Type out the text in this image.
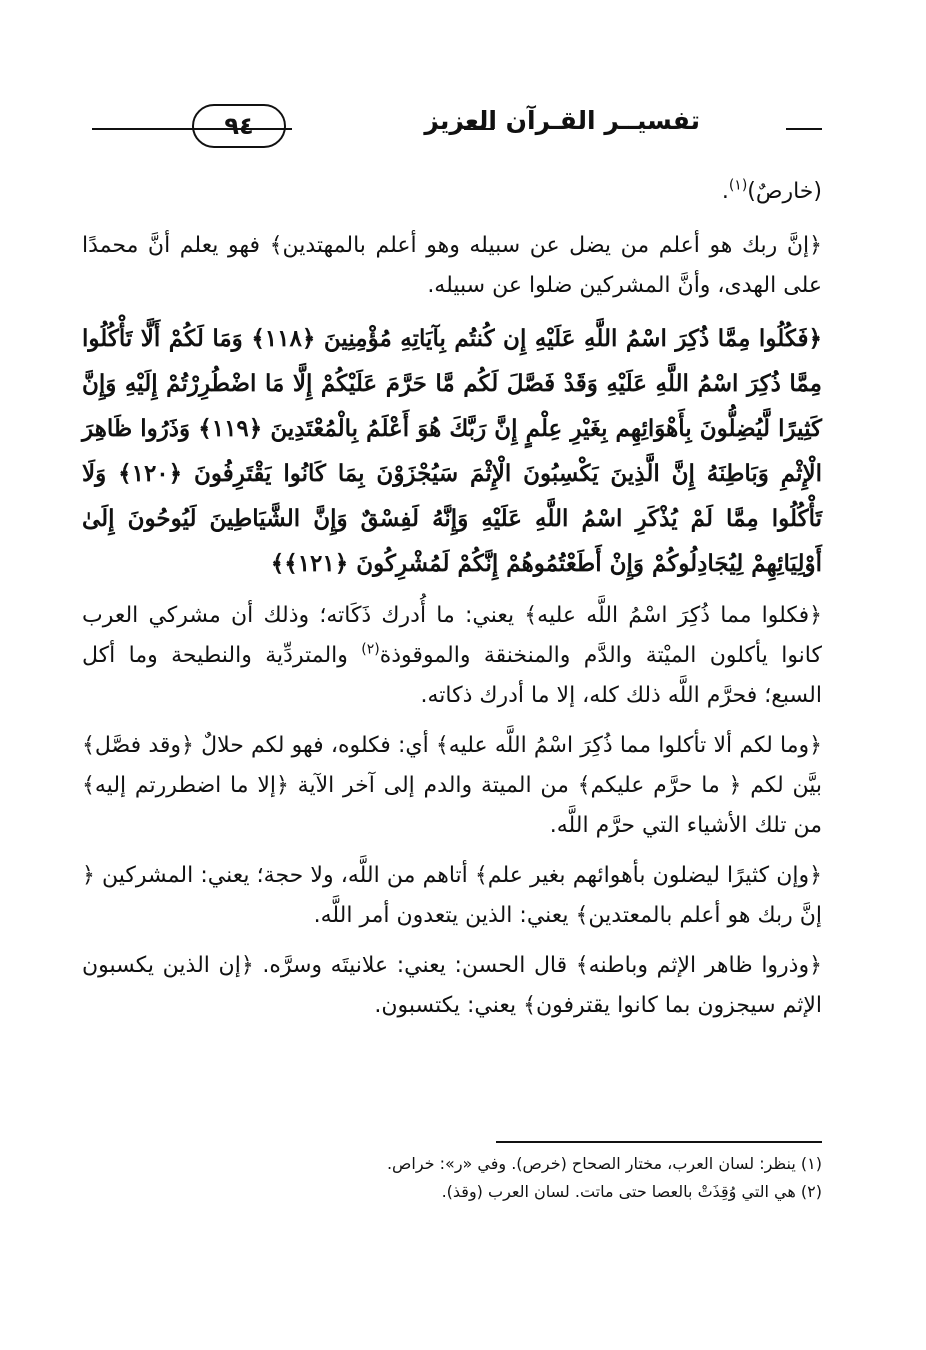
٩٤	تفسيــر القـرآن العزيز

(خارصٌ)$^{(١)}$.

﴿إنَّ ربك هو أعلم من يضل عن سبيله وهو أعلم بالمهتدين﴾ فهو يعلم أنَّ محمدًا على الهدى، وأنَّ المشركين ضلوا عن سبيله.

﴿فَكُلُوا مِمَّا ذُكِرَ اسْمُ اللَّهِ عَلَيْهِ إِن كُنتُم بِآيَاتِهِ مُؤْمِنِينَ ﴿١١٨﴾ وَمَا لَكُمْ أَلَّا تَأْكُلُوا مِمَّا ذُكِرَ اسْمُ اللَّهِ عَلَيْهِ وَقَدْ فَصَّلَ لَكُم مَّا حَرَّمَ عَلَيْكُمْ إِلَّا مَا اضْطُرِرْتُمْ إِلَيْهِ وَإِنَّ كَثِيرًا لَّيُضِلُّونَ بِأَهْوَائِهِم بِغَيْرِ عِلْمٍ إِنَّ رَبَّكَ هُوَ أَعْلَمُ بِالْمُعْتَدِينَ ﴿١١٩﴾ وَذَرُوا ظَاهِرَ الْإِثْمِ وَبَاطِنَهُ إِنَّ الَّذِينَ يَكْسِبُونَ الْإِثْمَ سَيُجْزَوْنَ بِمَا كَانُوا يَقْتَرِفُونَ ﴿١٢٠﴾ وَلَا تَأْكُلُوا مِمَّا لَمْ يُذْكَرِ اسْمُ اللَّهِ عَلَيْهِ وَإِنَّهُ لَفِسْقٌ وَإِنَّ الشَّيَاطِينَ لَيُوحُونَ إِلَىٰ أَوْلِيَائِهِمْ لِيُجَادِلُوكُمْ وَإِنْ أَطَعْتُمُوهُمْ إِنَّكُمْ لَمُشْرِكُونَ ﴿١٢١﴾﴾

﴿فكلوا مما ذُكِرَ اسْمُ اللَّه عليه﴾ يعني: ما أُدرك ذَكَاته؛ وذلك أن مشركي العرب كانوا يأكلون الميْتة والدَّم والمنخنقة والموقوذة$^{(٢)}$ والمتردِّية والنطيحة وما أكل السبع؛ فحرَّم اللَّه ذلك كله، إلا ما أدرك ذكاته.

﴿وما لكم ألا تأكلوا مما ذُكِرَ اسْمُ اللَّه عليه﴾ أي: فكلوه، فهو لكم حلالٌ ﴿وقد فصَّل﴾ بيَّن لكم ﴿ ما حرَّم عليكم﴾ من الميتة والدم إلى آخر الآية ﴿إلا ما اضطررتم إليه﴾ من تلك الأشياء التي حرَّم اللَّه.

﴿وإن كثيرًا ليضلون بأهوائهم بغير علم﴾ أتاهم من اللَّه، ولا حجة؛ يعني: المشركين ﴿ إنَّ ربك هو أعلم بالمعتدين﴾ يعني: الذين يتعدون أمر اللَّه.

﴿وذروا ظاهر الإثم وباطنه﴾ قال الحسن: يعني: علانيتَه وسرَّه. ﴿إن الذين يكسبون الإثم سيجزون بما كانوا يقترفون﴾ يعني: يكتسبون.

(١) ينظر: لسان العرب، مختار الصحاح (خرص). وفي «ر»: خراص.

(٢) هي التي وُقِذَتْ بالعصا حتى ماتت. لسان العرب (وقذ).
